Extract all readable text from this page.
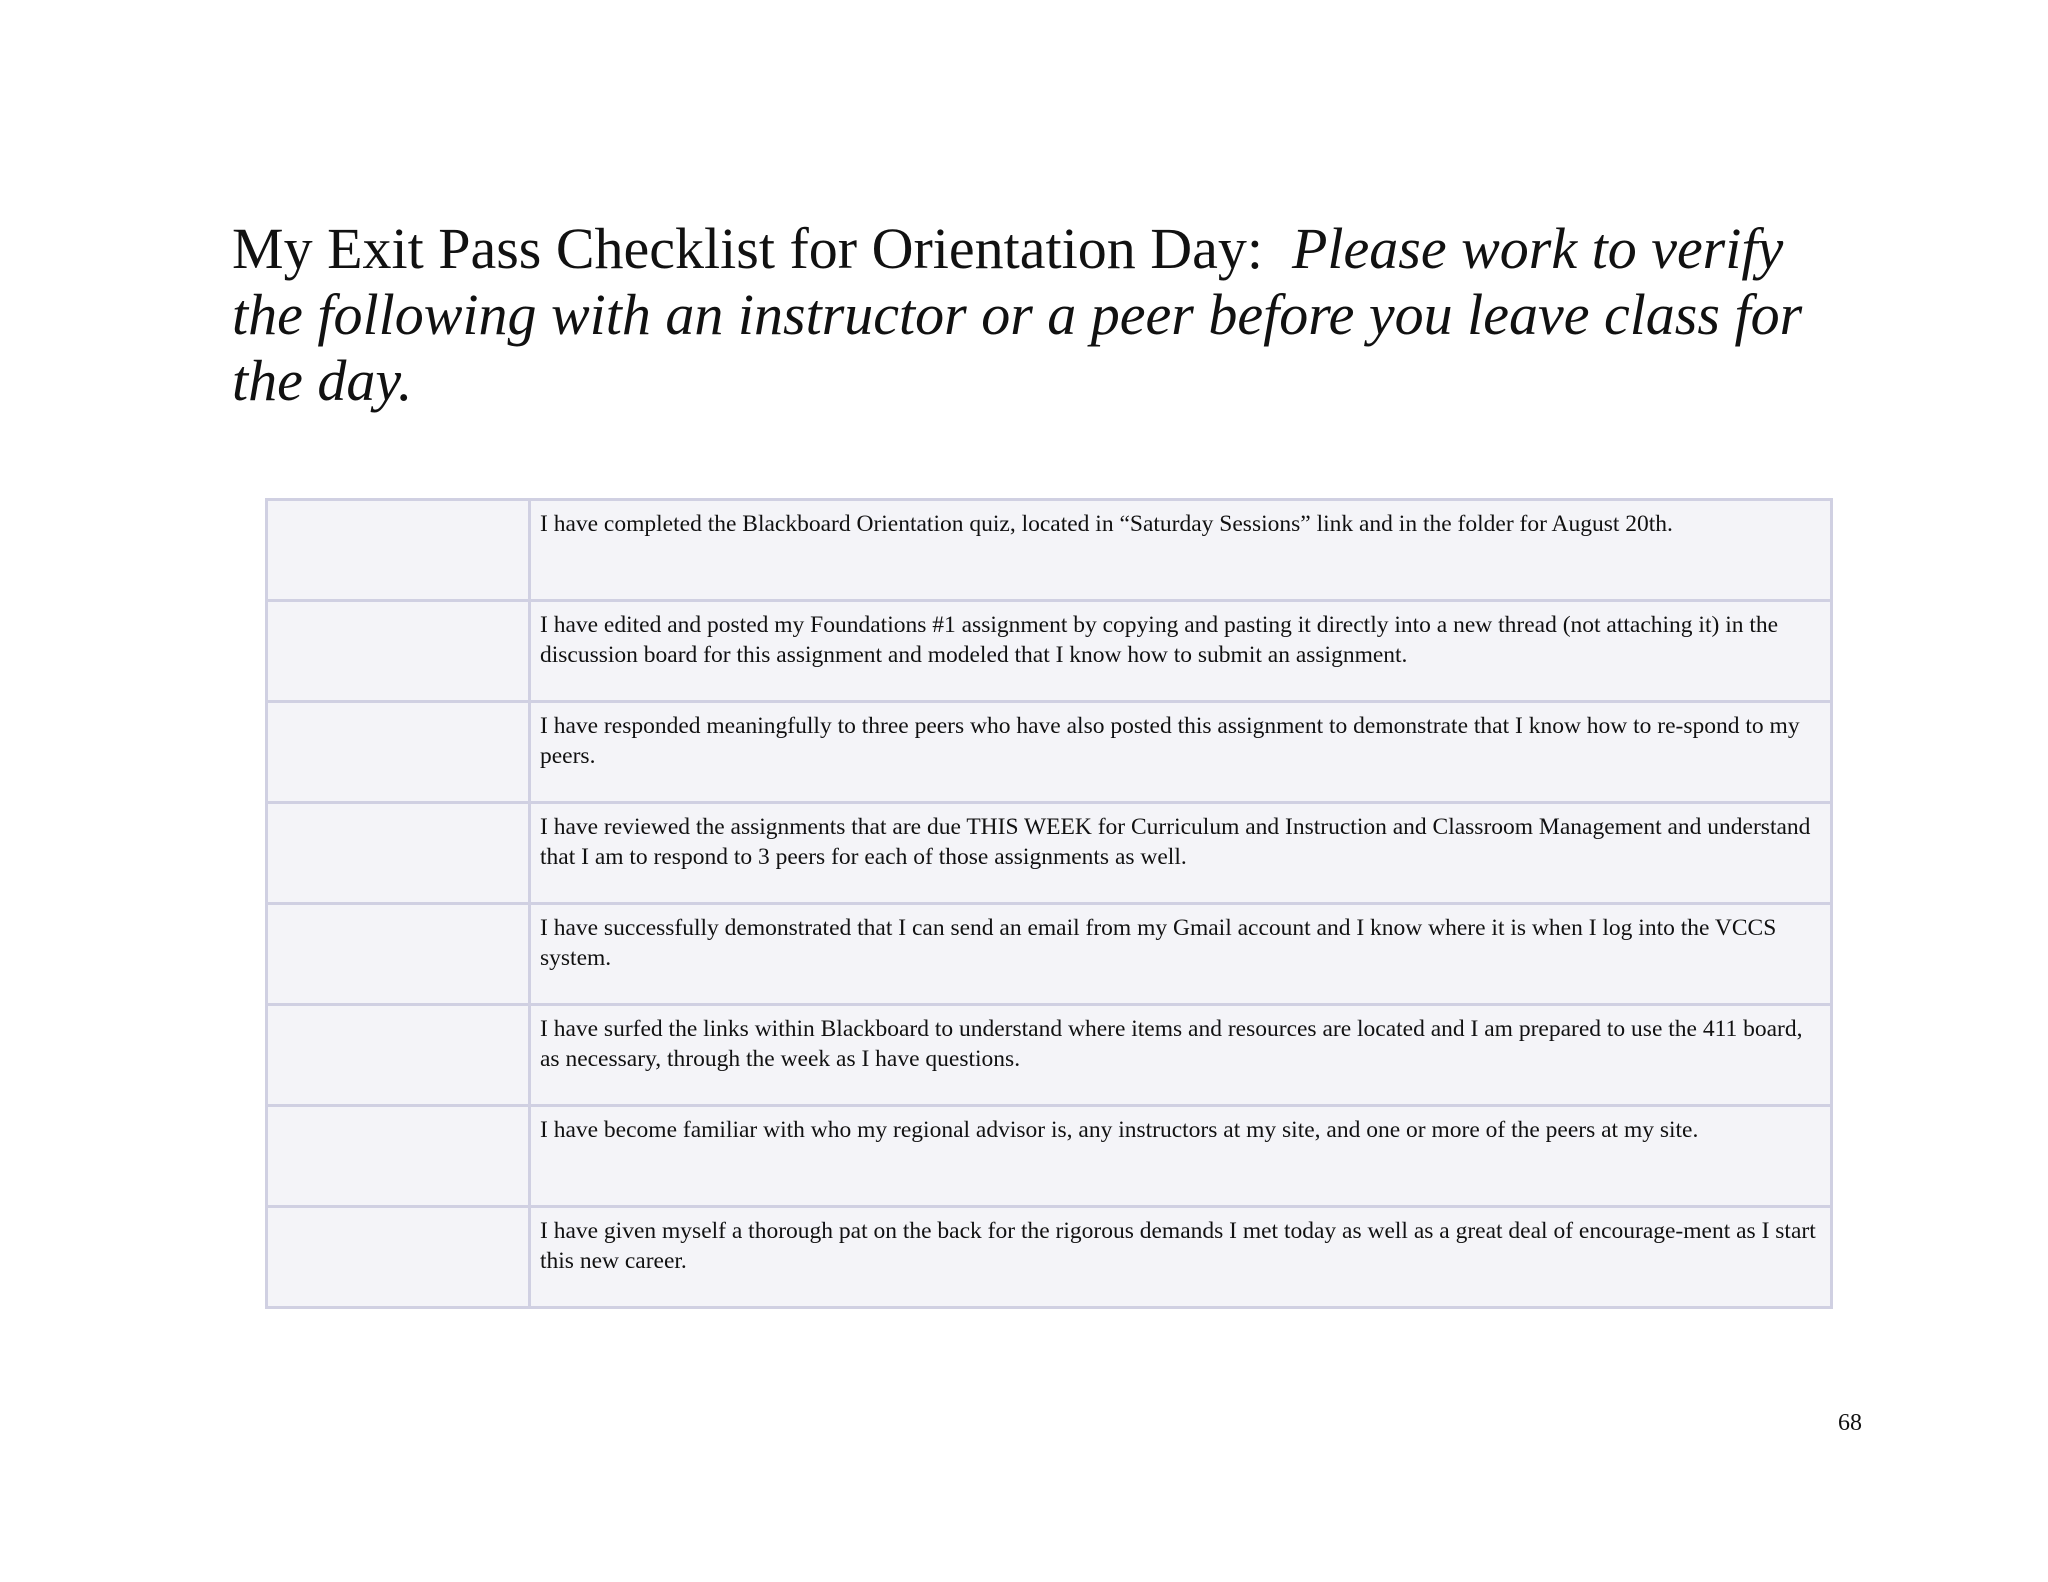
My Exit Pass Checklist for Orientation Day: Please work to verify the following with an instructor or a peer before you leave class for the day.
	I have completed the Blackboard Orientation quiz, located in “Saturday Sessions” link and in the folder for August 20th.
	I have edited and posted my Foundations #1 assignment by copying and pasting it directly into a new thread (not attaching it) in the discussion board for this assignment and modeled that I know how to submit an assignment.
	I have responded meaningfully to three peers who have also posted this assignment to demonstrate that I know how to re-spond to my peers.
	I have reviewed the assignments that are due THIS WEEK for Curriculum and Instruction and Classroom Management and understand that I am to respond to 3 peers for each of those assignments as well.
	I have successfully demonstrated that I can send an email from my Gmail account and I know where it is when I log into the VCCS system.
	I have surfed the links within Blackboard to understand where items and resources are located and I am prepared to use the 411 board, as necessary, through the week as I have questions.
	I have become familiar with who my regional advisor is, any instructors at my site, and one or more of the peers at my site.
	I have given myself a thorough pat on the back for the rigorous demands I met today as well as a great deal of encourage-ment as I start this new career.
68
